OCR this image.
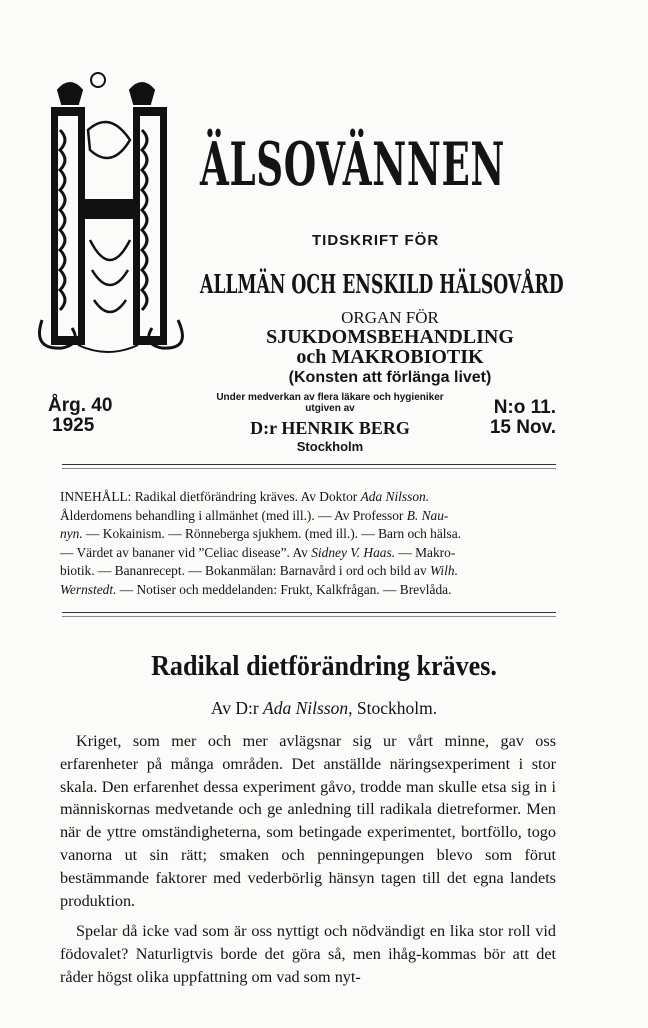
ÄLSOVÄNNEN
TIDSKRIFT FÖR
ALLMÄN OCH ENSKILD HÄLSOVÅRD
ORGAN FÖR
SJUKDOMSBEHANDLING
och MAKROBIOTIK
(Konsten att förlänga livet)
Årg. 40
1925
Under medverkan av flera läkare och hygieniker
utgiven av
D:r HENRIK BERG
Stockholm
N:o 11.
15 Nov.

INNEHÅLL: Radikal dietförändring kräves. Av Doktor Ada Nilsson.

Ålderdomens behandling i allmänhet (med ill.). — Av Professor B. Nau-

nyn. — Kokainism. — Rönneberga sjukhem. (med ill.). — Barn och hälsa.

— Värdet av bananer vid ”Celiac disease”. Av Sidney V. Haas. — Makro-

biotik. — Bananrecept. — Bokanmälan: Barnavård i ord och bild av Wilh.

Wernstedt. — Notiser och meddelanden: Frukt, Kalkfrågan. — Brevlåda.

Radikal dietförändring kräves.
Av D:r Ada Nilsson, Stockholm.

Kriget, som mer och mer avlägsnar sig ur vårt minne, gav oss erfarenheter på många områden. Det anställde näringsexperiment i stor skala. Den erfarenhet dessa experiment gåvo, trodde man skulle etsa sig in i människornas medvetande och ge anledning till radikala dietreformer. Men när de yttre omständigheterna, som betingade experimentet, bortföllo, togo vanorna ut sin rätt; smaken och penningepungen blevo som förut bestämmande faktorer med vederbörlig hänsyn tagen till det egna landets produktion.

Spelar då icke vad som är oss nyttigt och nödvändigt en lika stor roll vid födovalet? Naturligtvis borde det göra så, men ihåg-kommas bör att det råder högst olika uppfattning om vad som nyt-
